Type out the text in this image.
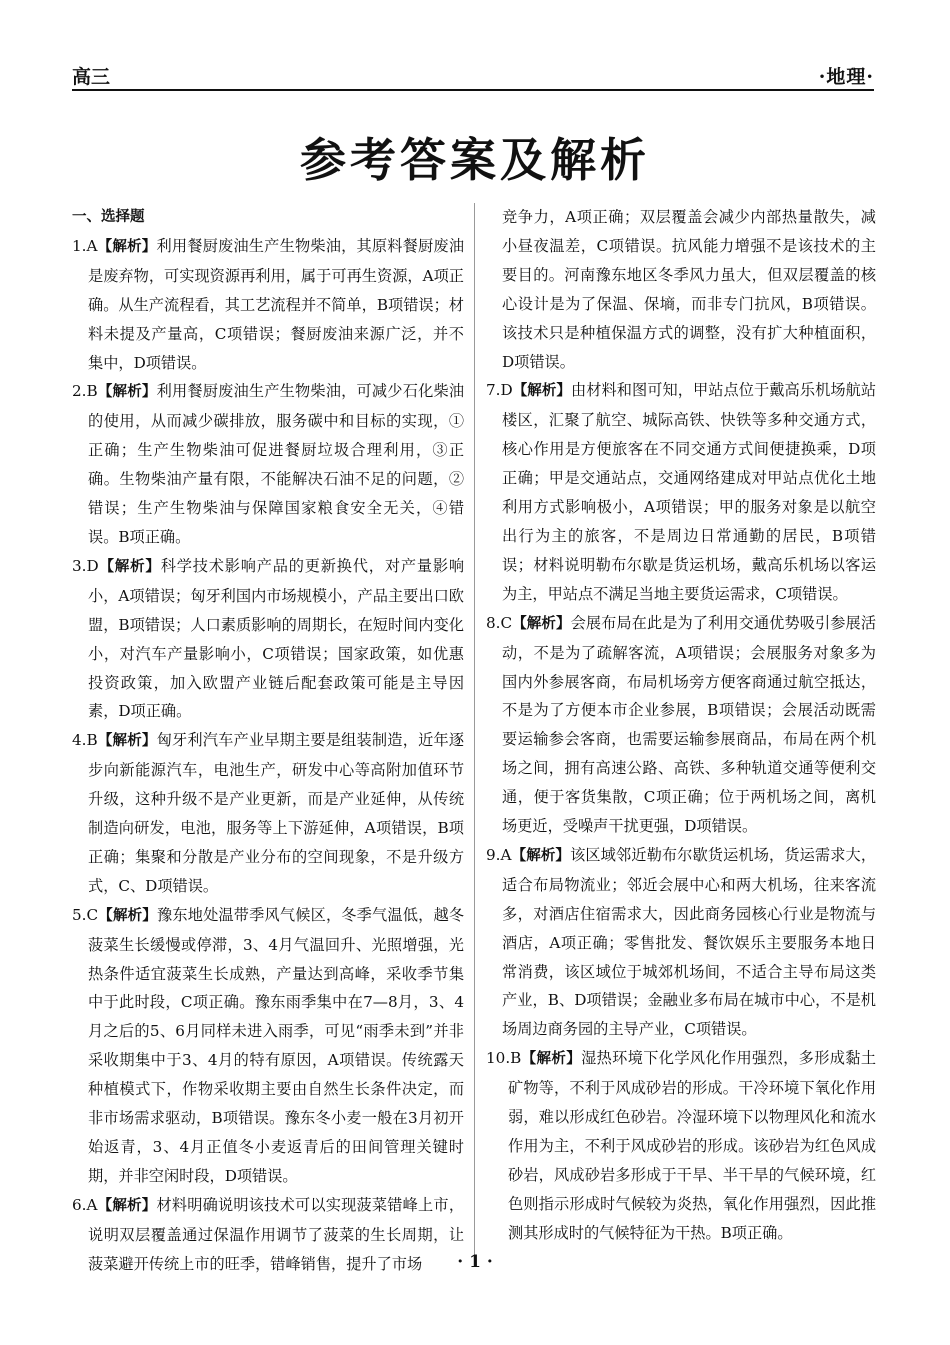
高三	·地理·
参考答案及解析
一、选择题

1.A【解析】利用餐厨废油生产生物柴油，其原料餐厨废油是废弃物，可实现资源再利用，属于可再生资源，A项正确。从生产流程看，其工艺流程并不简单，B项错误；材料未提及产量高，C项错误；餐厨废油来源广泛，并不集中，D项错误。

2.B【解析】利用餐厨废油生产生物柴油，可减少石化柴油的使用，从而减少碳排放，服务碳中和目标的实现，①正确；生产生物柴油可促进餐厨垃圾合理利用，③正确。生物柴油产量有限，不能解决石油不足的问题，②错误；生产生物柴油与保障国家粮食安全无关，④错误。B项正确。

3.D【解析】科学技术影响产品的更新换代，对产量影响小，A项错误；匈牙利国内市场规模小，产品主要出口欧盟，B项错误；人口素质影响的周期长，在短时间内变化小，对汽车产量影响小，C项错误；国家政策，如优惠投资政策，加入欧盟产业链后配套政策可能是主导因素，D项正确。

4.B【解析】匈牙利汽车产业早期主要是组装制造，近年逐步向新能源汽车，电池生产，研发中心等高附加值环节升级，这种升级不是产业更新，而是产业延伸，从传统制造向研发，电池，服务等上下游延伸，A项错误，B项正确；集聚和分散是产业分布的空间现象，不是升级方式，C、D项错误。

5.C【解析】豫东地处温带季风气候区，冬季气温低，越冬菠菜生长缓慢或停滞，3、4月气温回升、光照增强，光热条件适宜菠菜生长成熟，产量达到高峰，采收季节集中于此时段，C项正确。豫东雨季集中在7—8月，3、4月之后的5、6月同样未进入雨季，可见“雨季未到”并非采收期集中于3、4月的特有原因，A项错误。传统露天种植模式下，作物采收期主要由自然生长条件决定，而非市场需求驱动，B项错误。豫东冬小麦一般在3月初开始返青，3、4月正值冬小麦返青后的田间管理关键时期，并非空闲时段，D项错误。

6.A【解析】材料明确说明该技术可以实现菠菜错峰上市，说明双层覆盖通过保温作用调节了菠菜的生长周期，让菠菜避开传统上市的旺季，错峰销售，提升了市场

竞争力，A项正确；双层覆盖会减少内部热量散失，减小昼夜温差，C项错误。抗风能力增强不是该技术的主要目的。河南豫东地区冬季风力虽大，但双层覆盖的核心设计是为了保温、保墒，而非专门抗风，B项错误。该技术只是种植保温方式的调整，没有扩大种植面积，D项错误。

7.D【解析】由材料和图可知，甲站点位于戴高乐机场航站楼区，汇聚了航空、城际高铁、快铁等多种交通方式，核心作用是方便旅客在不同交通方式间便捷换乘，D项正确；甲是交通站点，交通网络建成对甲站点优化土地利用方式影响极小，A项错误；甲的服务对象是以航空出行为主的旅客，不是周边日常通勤的居民，B项错误；材料说明勒布尔歇是货运机场，戴高乐机场以客运为主，甲站点不满足当地主要货运需求，C项错误。

8.C【解析】会展布局在此是为了利用交通优势吸引参展活动，不是为了疏解客流，A项错误；会展服务对象多为国内外参展客商，布局机场旁方便客商通过航空抵达，不是为了方便本市企业参展，B项错误；会展活动既需要运输参会客商，也需要运输参展商品，布局在两个机场之间，拥有高速公路、高铁、多种轨道交通等便利交通，便于客货集散，C项正确；位于两机场之间，离机场更近，受噪声干扰更强，D项错误。

9.A【解析】该区域邻近勒布尔歇货运机场，货运需求大，适合布局物流业；邻近会展中心和两大机场，往来客流多，对酒店住宿需求大，因此商务园核心行业是物流与酒店，A项正确；零售批发、餐饮娱乐主要服务本地日常消费，该区域位于城郊机场间，不适合主导布局这类产业，B、D项错误；金融业多布局在城市中心，不是机场周边商务园的主导产业，C项错误。

10.B【解析】湿热环境下化学风化作用强烈，多形成黏土矿物等，不利于风成砂岩的形成。干冷环境下氧化作用弱，难以形成红色砂岩。冷湿环境下以物理风化和流水作用为主，不利于风成砂岩的形成。该砂岩为红色风成砂岩，风成砂岩多形成于干旱、半干旱的气候环境，红色则指示形成时气候较为炎热，氧化作用强烈，因此推测其形成时的气候特征为干热。B项正确。

· 1 ·
